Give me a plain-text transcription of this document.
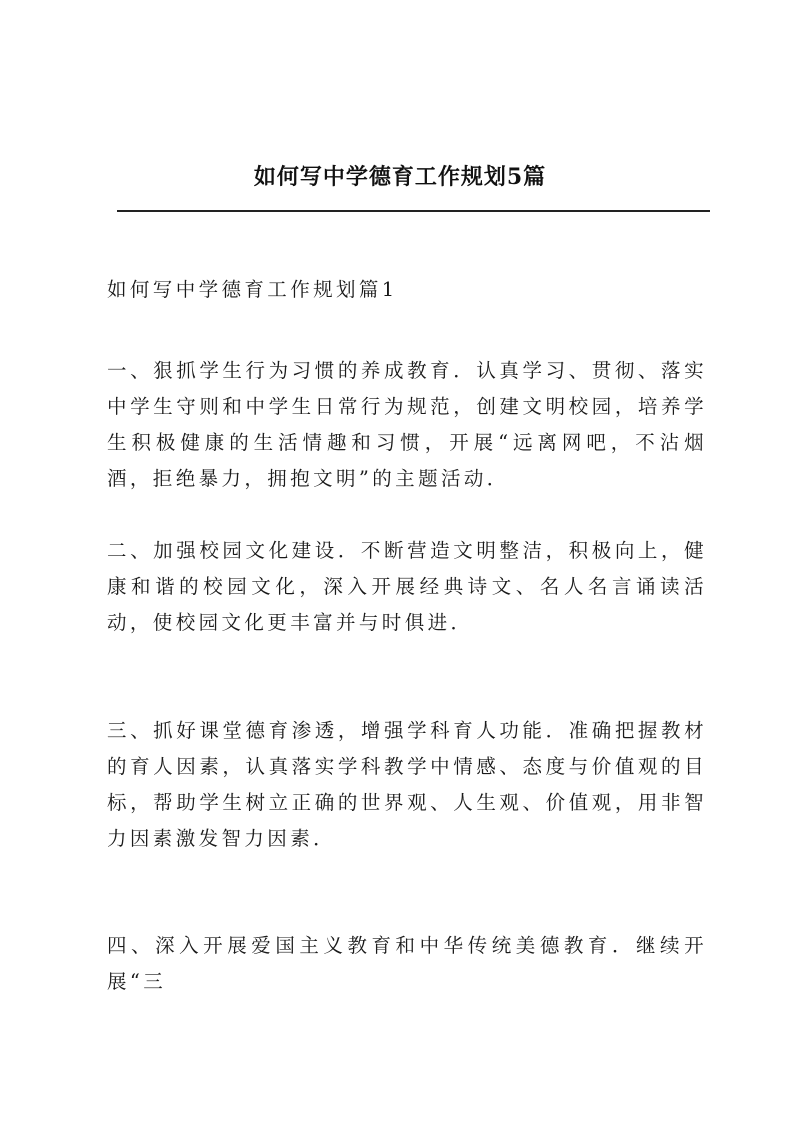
如何写中学德育工作规划5篇

如何写中学德育工作规划篇1

一、狠抓学生行为习惯的养成教育．认真学习、贯彻、落实中学生守则和中学生日常行为规范，创建文明校园，培养学生积极健康的生活情趣和习惯，开展“远离网吧，不沾烟酒，拒绝暴力，拥抱文明”的主题活动．

二、加强校园文化建设．不断营造文明整洁，积极向上，健康和谐的校园文化，深入开展经典诗文、名人名言诵读活动，使校园文化更丰富并与时俱进．

三、抓好课堂德育渗透，增强学科育人功能．准确把握教材的育人因素，认真落实学科教学中情感、态度与价值观的目标，帮助学生树立正确的世界观、人生观、价值观，用非智力因素激发智力因素．

四、深入开展爱国主义教育和中华传统美德教育．继续开展“三
